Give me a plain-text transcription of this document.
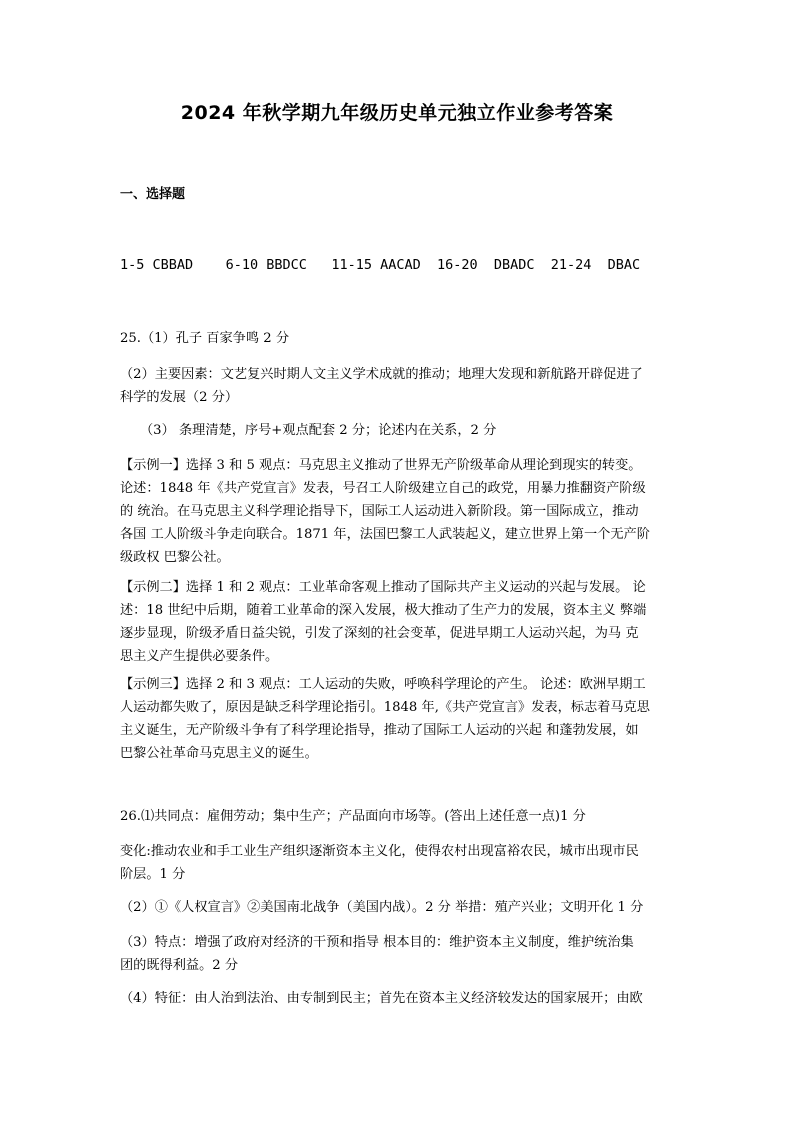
2024 年秋学期九年级历史单元独立作业参考答案
一、选择题
1-5 CBBAD    6-10 BBDCC   11-15 AACAD  16-20  DBADC  21-24  DBAC
25.（1）孔子 百家争鸣 2 分
（2）主要因素：文艺复兴时期人文主义学术成就的推动；地理大发现和新航路开辟促进了
科学的发展（2 分）
（3） 条理清楚，序号+观点配套 2 分；论述内在关系，2 分
【示例一】选择 3 和 5 观点：马克思主义推动了世界无产阶级革命从理论到现实的转变。
论述：1848 年《共产党宣言》发表，号召工人阶级建立自己的政党，用暴力推翻资产阶级
的 统治。在马克思主义科学理论指导下，国际工人运动进入新阶段。第一国际成立，推动
各国 工人阶级斗争走向联合。1871 年，法国巴黎工人武装起义，建立世界上第一个无产阶
级政权 巴黎公社。
【示例二】选择 1 和 2 观点：工业革命客观上推动了国际共产主义运动的兴起与发展。 论
述：18 世纪中后期，随着工业革命的深入发展，极大推动了生产力的发展，资本主义 弊端
逐步显现，阶级矛盾日益尖锐，引发了深刻的社会变革，促进早期工人运动兴起，为马 克
思主义产生提供必要条件。
【示例三】选择 2 和 3 观点：工人运动的失败，呼唤科学理论的产生。 论述：欧洲早期工
人运动都失败了，原因是缺乏科学理论指引。1848 年,《共产党宣言》发表，标志着马克思
主义诞生，无产阶级斗争有了科学理论指导，推动了国际工人运动的兴起 和蓬勃发展，如
巴黎公社革命马克思主义的诞生。
26.⑴共同点：雇佣劳动；集中生产；产品面向市场等。(答出上述任意一点)1 分
变化:推动农业和手工业生产组织逐渐资本主义化，使得农村出现富裕农民，城市出现市民
阶层。1 分
（2）①《人权宣言》②美国南北战争（美国内战）。2 分 举措：殖产兴业；文明开化 1 分
（3）特点：增强了政府对经济的干预和指导 根本目的：维护资本主义制度，维护统治集
团的既得利益。2 分
（4）特征：由人治到法治、由专制到民主；首先在资本主义经济较发达的国家展开；由欧
